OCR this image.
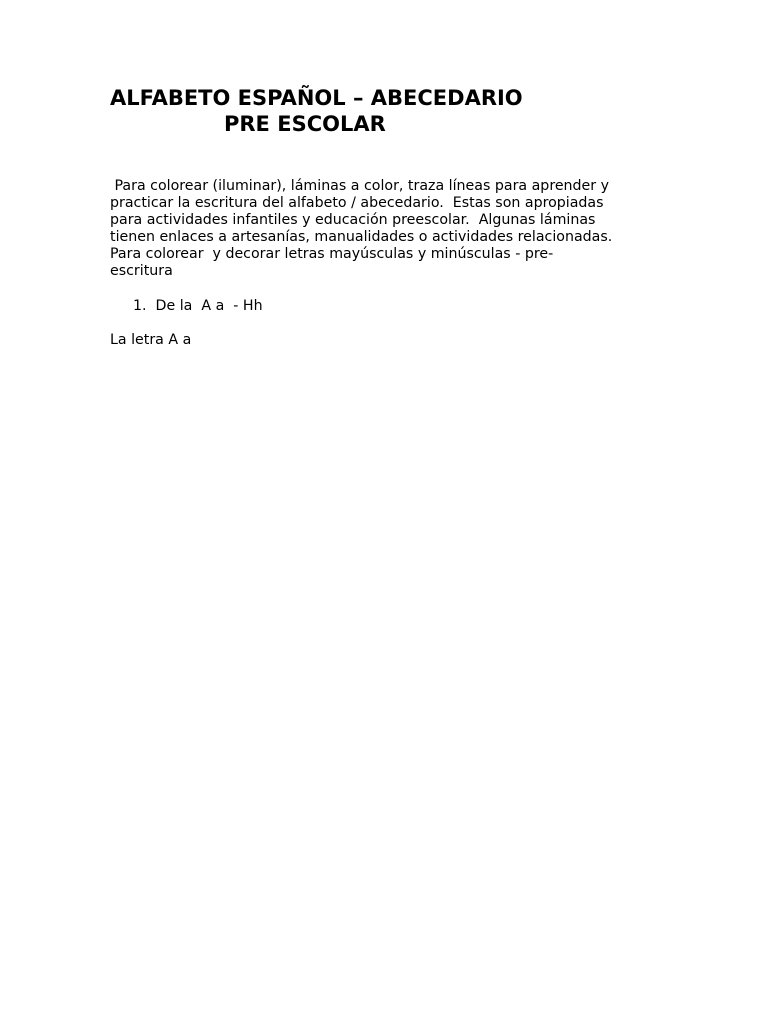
ALFABETO ESPAÑOL – ABECEDARIO
PRE ESCOLAR

Para colorear (iluminar), láminas a color, traza líneas para aprender y
practicar la escritura del alfabeto / abecedario.  Estas son apropiadas
para actividades infantiles y educación preescolar.  Algunas láminas
tienen enlaces a artesanías, manualidades o actividades relacionadas.
Para colorear  y decorar letras mayúsculas y minúsculas - pre-
escritura

1.  De la  A a  - Hh

La letra A a
